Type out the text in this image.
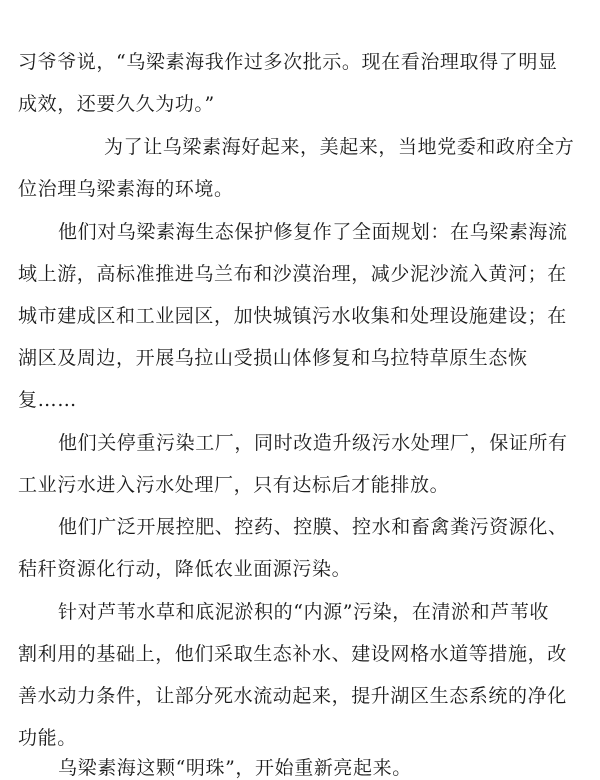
习爷爷说，“乌梁素海我作过多次批示。现在看治理取得了明显
成效，还要久久为功。”
为了让乌梁素海好起来，美起来，当地党委和政府全方
位治理乌梁素海的环境。
他们对乌梁素海生态保护修复作了全面规划：在乌梁素海流
域上游，高标准推进乌兰布和沙漠治理，减少泥沙流入黄河；在
城市建成区和工业园区，加快城镇污水收集和处理设施建设；在
湖区及周边，开展乌拉山受损山体修复和乌拉特草原生态恢
复……
他们关停重污染工厂，同时改造升级污水处理厂，保证所有
工业污水进入污水处理厂，只有达标后才能排放。
他们广泛开展控肥、控药、控膜、控水和畜禽粪污资源化、
秸秆资源化行动，降低农业面源污染。
针对芦苇水草和底泥淤积的“内源”污染，在清淤和芦苇收
割利用的基础上，他们采取生态补水、建设网格水道等措施，改
善水动力条件，让部分死水流动起来，提升湖区生态系统的净化
功能。
乌梁素海这颗“明珠”，开始重新亮起来。
